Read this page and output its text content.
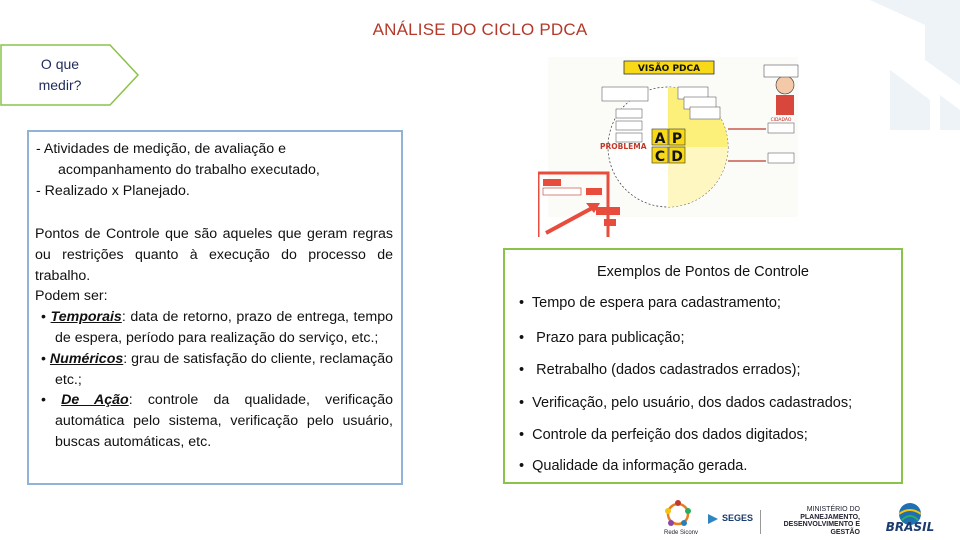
ANÁLISE DO CICLO PDCA
O que
medir?
- Atividades de medição, de avaliação e
acompanhamento do trabalho executado,
- Realizado x Planejado.
Pontos de Controle que são aqueles que geram regras ou restrições quanto à execução do processo de trabalho.
Podem ser:
• Temporais: data de retorno, prazo de entrega, tempo de espera, período para realização do serviço, etc.;
• Numéricos: grau de satisfação do cliente, reclamação etc.;
• De Ação: controle da qualidade, verificação automática pelo sistema, verificação pelo usuário, buscas automáticas, etc.
VISÃO PDCA
CIDADÃO
A P
C D
PROBLEMA
Exemplos de Pontos de Controle
•  Tempo de espera para cadastramento;
•   Prazo para publicação;
•   Retrabalho (dados cadastrados errados);
•  Verificação, pelo usuário, dos dados cadastrados;
•  Controle da perfeição dos dados digitados;
•  Qualidade da informação gerada.
Rede Siconv
SEGES
MINISTÉRIO DO
PLANEJAMENTO,
DESENVOLVIMENTO E GESTÃO BRASIL
